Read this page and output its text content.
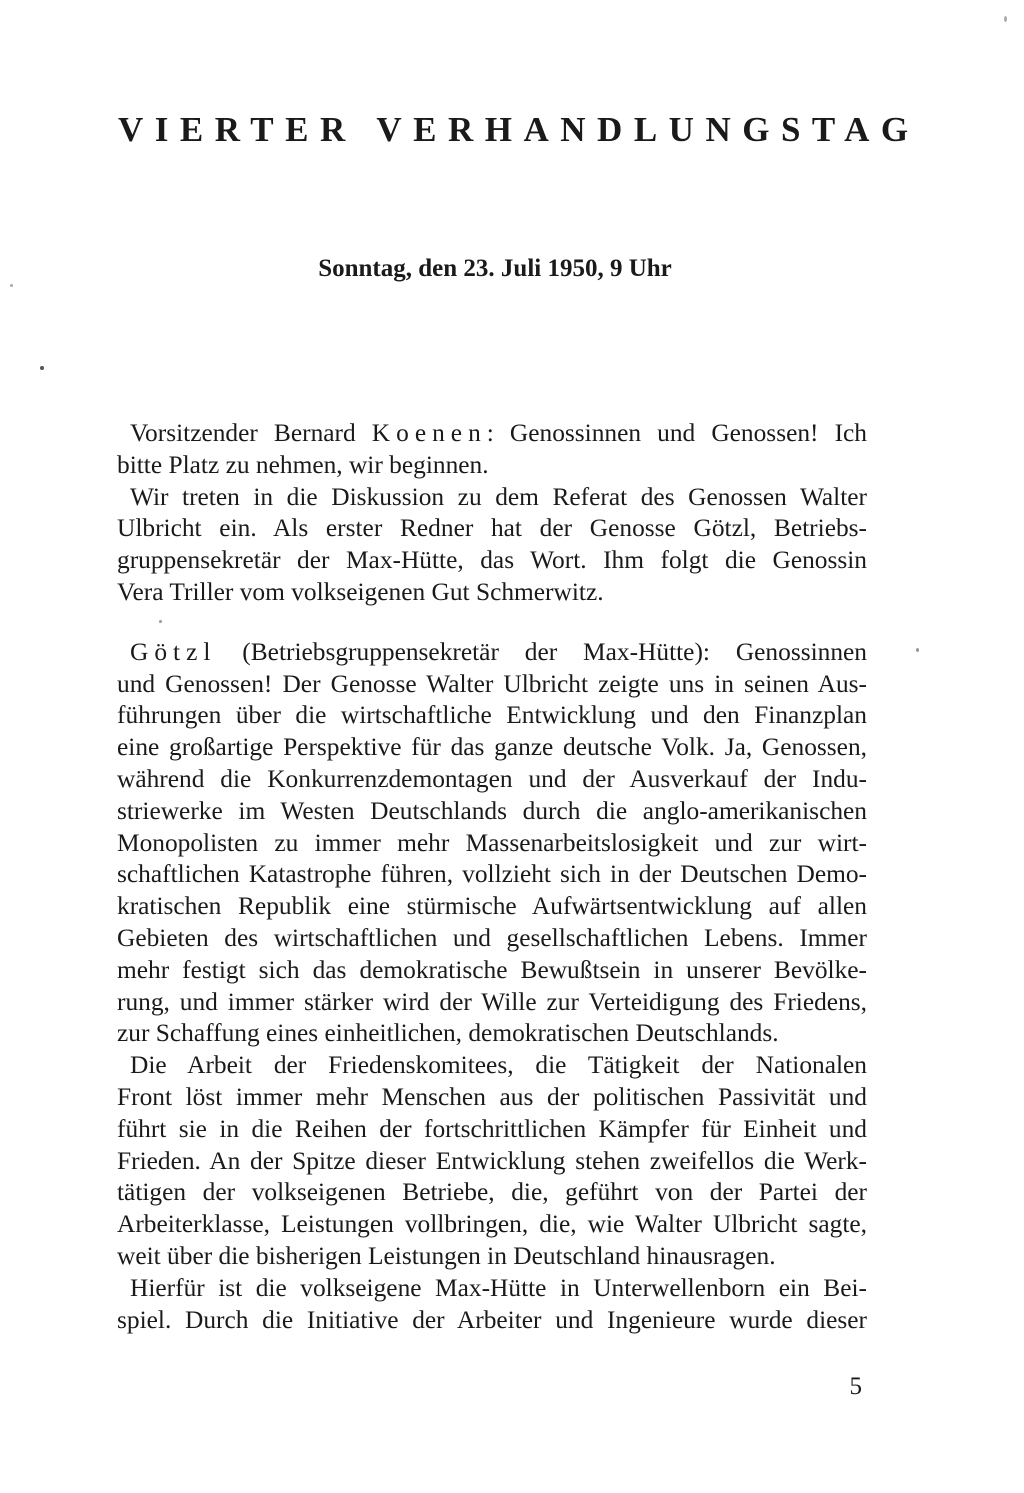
VIERTER VERHANDLUNGSTAG

Sonntag, den 23. Juli 1950, 9 Uhr

Vorsitzender Bernard Koenen: Genossinnen und Genossen! Ich
bitte Platz zu nehmen, wir beginnen.

Wir treten in die Diskussion zu dem Referat des Genossen Walter
Ulbricht ein. Als erster Redner hat der Genosse Götzl, Betriebs-
gruppensekretär der Max-Hütte, das Wort. Ihm folgt die Genossin
Vera Triller vom volkseigenen Gut Schmerwitz.

Götzl (Betriebsgruppensekretär der Max-Hütte): Genossinnen
und Genossen! Der Genosse Walter Ulbricht zeigte uns in seinen Aus-
führungen über die wirtschaftliche Entwicklung und den Finanzplan
eine großartige Perspektive für das ganze deutsche Volk. Ja, Genossen,
während die Konkurrenzdemontagen und der Ausverkauf der Indu-
striewerke im Westen Deutschlands durch die anglo-amerikanischen
Monopolisten zu immer mehr Massenarbeitslosigkeit und zur wirt-
schaftlichen Katastrophe führen, vollzieht sich in der Deutschen Demo-
kratischen Republik eine stürmische Aufwärtsentwicklung auf allen
Gebieten des wirtschaftlichen und gesellschaftlichen Lebens. Immer
mehr festigt sich das demokratische Bewußtsein in unserer Bevölke-
rung, und immer stärker wird der Wille zur Verteidigung des Friedens,
zur Schaffung eines einheitlichen, demokratischen Deutschlands.

Die Arbeit der Friedenskomitees, die Tätigkeit der Nationalen
Front löst immer mehr Menschen aus der politischen Passivität und
führt sie in die Reihen der fortschrittlichen Kämpfer für Einheit und
Frieden. An der Spitze dieser Entwicklung stehen zweifellos die Werk-
tätigen der volkseigenen Betriebe, die, geführt von der Partei der
Arbeiterklasse, Leistungen vollbringen, die, wie Walter Ulbricht sagte,
weit über die bisherigen Leistungen in Deutschland hinausragen.

Hierfür ist die volkseigene Max-Hütte in Unterwellenborn ein Bei-
spiel. Durch die Initiative der Arbeiter und Ingenieure wurde dieser

5
